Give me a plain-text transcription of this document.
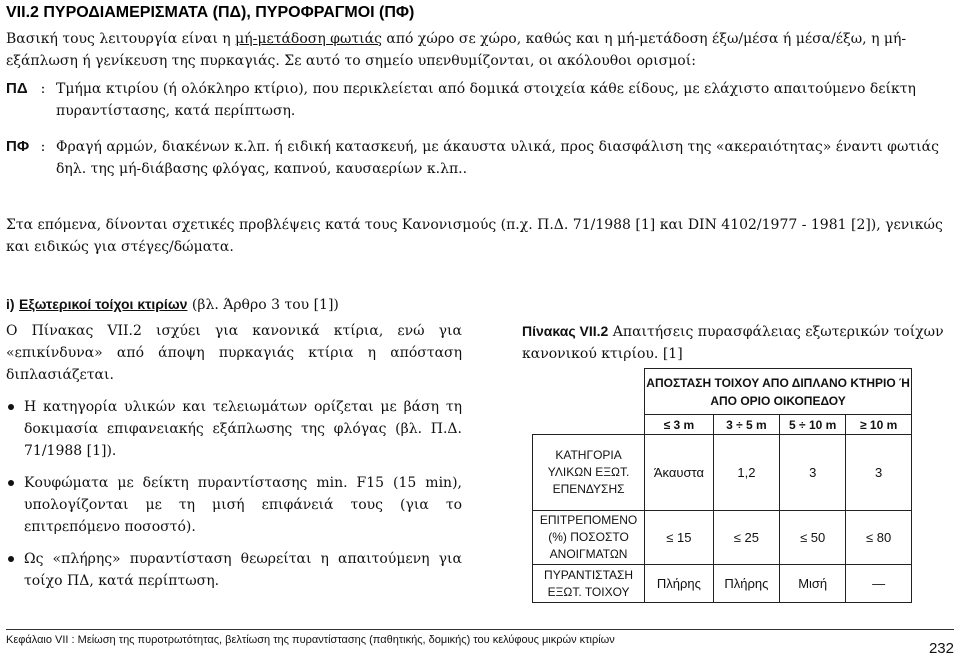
VII.2 ΠΥΡΟΔΙΑΜΕΡΙΣΜΑΤΑ (ΠΔ), ΠΥΡΟΦΡΑΓΜΟΙ (ΠΦ)
Βασική τους λειτουργία είναι η μή-μετάδοση φωτιάς από χώρο σε χώρο, καθώς και η μή-μετάδοση έξω/μέσα ή μέσα/έξω, η μή-εξάπλωση ή γενίκευση της πυρκαγιάς. Σε αυτό το σημείο υπενθυμίζονται, οι ακόλουθοι ορισμοί:
ΠΔ : Τμήμα κτιρίου (ή ολόκληρο κτίριο), που περικλείεται από δομικά στοιχεία κάθε είδους, με ελάχιστο απαιτούμενο δείκτη πυραντίστασης, κατά περίπτωση.
ΠΦ : Φραγή αρμών, διακένων κ.λπ. ή ειδική κατασκευή, με άκαυστα υλικά, προς διασφάλιση της «ακεραιότητας» έναντι φωτιάς δηλ. της μή-διάβασης φλόγας, καπνού, καυσαερίων κ.λπ..
Στα επόμενα, δίνονται σχετικές προβλέψεις κατά τους Κανονισμούς (π.χ. Π.Δ. 71/1988 [1] και DIN 4102/1977 - 1981 [2]), γενικώς και ειδικώς για στέγες/δώματα.
i) Εξωτερικοί τοίχοι κτιρίων (βλ. Άρθρο 3 του [1])
Ο Πίνακας VII.2 ισχύει για κανονικά κτίρια, ενώ για «επικίνδυνα» από άποψη πυρκαγιάς κτίρια η απόσταση διπλασιάζεται.
Η κατηγορία υλικών και τελειωμάτων ορίζεται με βάση τη δοκιμασία επιφανειακής εξάπλωσης της φλόγας (βλ. Π.Δ. 71/1988 [1]).
Κουφώματα με δείκτη πυραντίστασης min. F15 (15 min), υπολογίζονται με τη μισή επιφάνειά τους (για το επιτρεπόμενο ποσοστό).
Ως «πλήρης» πυραντίσταση θεωρείται η απαιτούμενη για τοίχο ΠΔ, κατά περίπτωση.
Πίνακας VII.2 Απαιτήσεις πυρασφάλειας εξωτερικών τοίχων κανονικού κτιρίου. [1]
	ΑΠΟΣΤΑΣΗ ΤΟΙΧΟΥ ΑΠΟ ΔΙΠΛΑΝΟ ΚΤΗΡΙΟ Ή ΑΠΟ ΟΡΙΟ ΟΙΚΟΠΕΔΟΥ			
	≤ 3 m	3 ÷ 5 m	5 ÷ 10 m	≥ 10 m
ΚΑΤΗΓΟΡΙΑ ΥΛΙΚΩΝ ΕΞΩΤ. ΕΠΕΝΔΥΣΗΣ	Άκαυστα	1,2	3	3
ΕΠΙΤΡΕΠΟΜΕΝΟ (%) ΠΟΣΟΣΤΟ ΑΝΟΙΓΜΑΤΩΝ	≤ 15	≤ 25	≤ 50	≤ 80
ΠΥΡΑΝΤΙΣΤΑΣΗ ΕΞΩΤ. ΤΟΙΧΟΥ	Πλήρης	Πλήρης	Μισή	—
Κεφάλαιο VII : Μείωση της πυροτρωτότητας, βελτίωση της πυραντίστασης (παθητικής, δομικής) του κελύφους μικρών κτιρίων	232
